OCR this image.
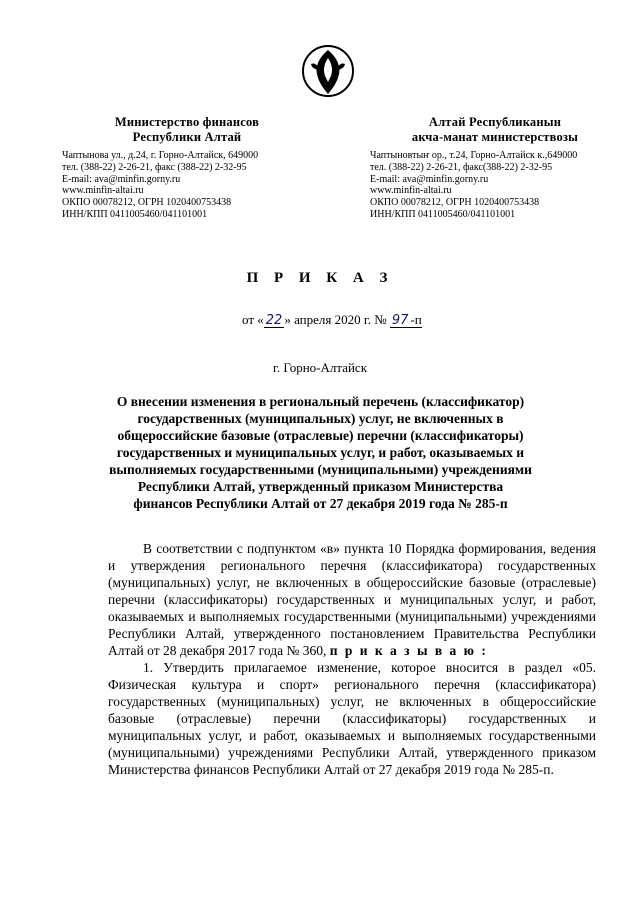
Министерство финансов
Республики Алтай
Чаптынова ул., д.24, г. Горно-Алтайск, 649000
тел. (388-22) 2-26-21, факс (388-22) 2-32-95
E-mail: ava@minfin.gorny.ru
www.minfin-altai.ru
ОКПО 00078212, ОГРН 1020400753438
ИНН/КПП 0411005460/041101001
Алтай Республиканын
акча-манат министерствозы
Чаптыновтыҥ ор., т.24, Горно-Алтайск к.,649000
тел. (388-22) 2-26-21, факс(388-22) 2-32-95
E-mail: ava@minfin.gorny.ru
www.minfin-altai.ru
ОКПО 00078212, ОГРН 1020400753438
ИНН/КПП 0411005460/041101001
П Р И К А З
от « 22 » апреля 2020 г. № 97 -п
г. Горно-Алтайск
О внесении изменения в региональный перечень (классификатор) государственных (муниципальных) услуг, не включенных в общероссийские базовые (отраслевые) перечни (классификаторы) государственных и муниципальных услуг, и работ, оказываемых и выполняемых государственными (муниципальными) учреждениями Республики Алтай, утвержденный приказом Министерства финансов Республики Алтай от 27 декабря 2019 года № 285-п

В соответствии с подпунктом «в» пункта 10 Порядка формирования, ведения и утверждения регионального перечня (классификатора) государственных (муниципальных) услуг, не включенных в общероссийские базовые (отраслевые) перечни (классификаторы) государственных и муниципальных услуг, и работ, оказываемых и выполняемых государственными (муниципальными) учреждениями Республики Алтай, утвержденного постановлением Правительства Республики Алтай от 28 декабря 2017 года № 360, п р и к а з ы в а ю :

1. Утвердить прилагаемое изменение, которое вносится в раздел «05. Физическая культура и спорт» регионального перечня (классификатора) государственных (муниципальных) услуг, не включенных в общероссийские базовые (отраслевые) перечни (классификаторы) государственных и муниципальных услуг, и работ, оказываемых и выполняемых государственными (муниципальными) учреждениями Республики Алтай, утвержденного приказом Министерства финансов Республики Алтай от 27 декабря 2019 года № 285-п.
